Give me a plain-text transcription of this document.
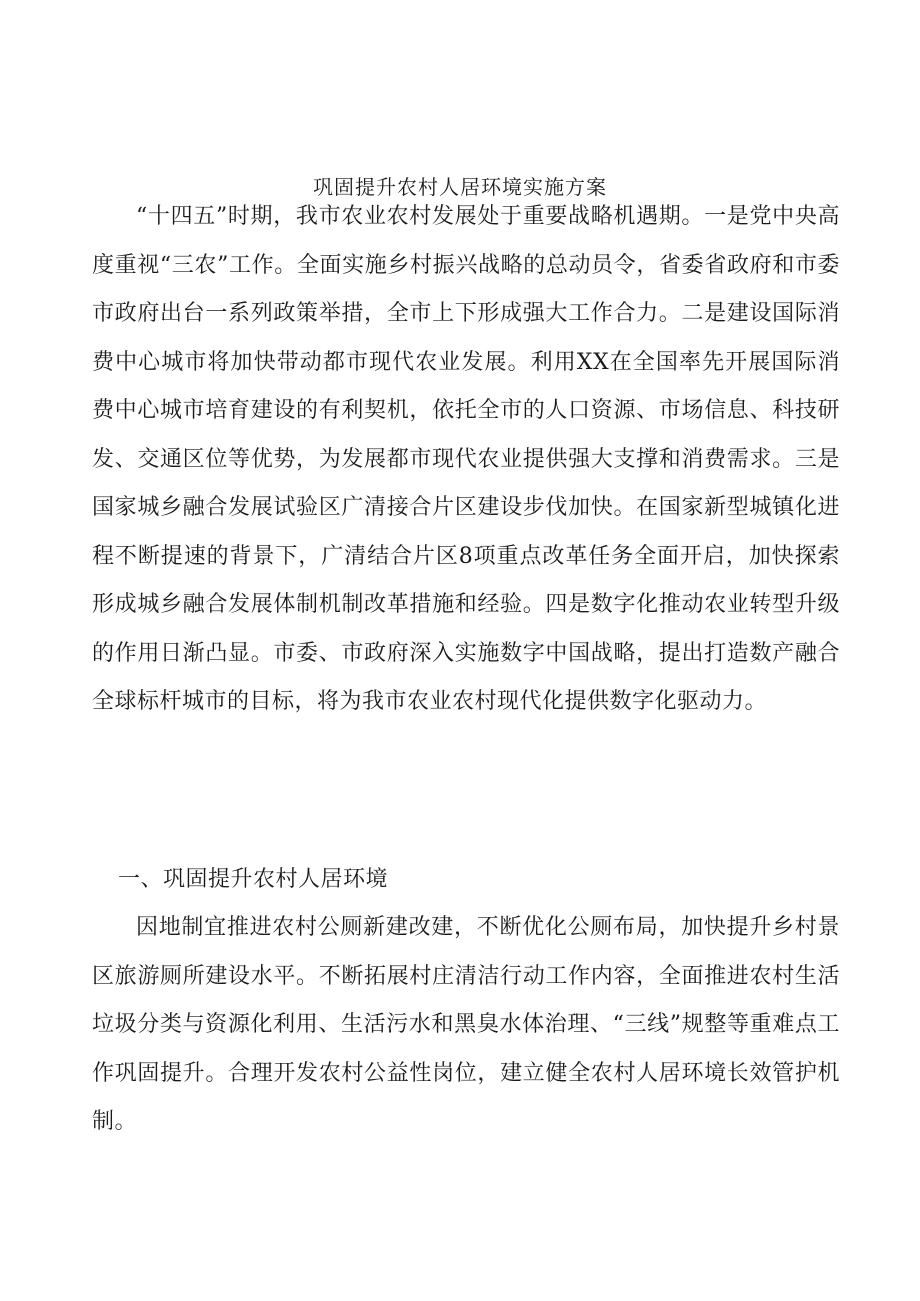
巩固提升农村人居环境实施方案

“十四五”时期，我市农业农村发展处于重要战略机遇期。一是党中央高度重视“三农”工作。全面实施乡村振兴战略的总动员令，省委省政府和市委市政府出台一系列政策举措，全市上下形成强大工作合力。二是建设国际消费中心城市将加快带动都市现代农业发展。利用XX在全国率先开展国际消费中心城市培育建设的有利契机，依托全市的人口资源、市场信息、科技研发、交通区位等优势，为发展都市现代农业提供强大支撑和消费需求。三是国家城乡融合发展试验区广清接合片区建设步伐加快。在国家新型城镇化进程不断提速的背景下，广清结合片区8项重点改革任务全面开启，加快探索形成城乡融合发展体制机制改革措施和经验。四是数字化推动农业转型升级的作用日渐凸显。市委、市政府深入实施数字中国战略，提出打造数产融合全球标杆城市的目标，将为我市农业农村现代化提供数字化驱动力。

一、巩固提升农村人居环境

因地制宜推进农村公厕新建改建，不断优化公厕布局，加快提升乡村景区旅游厕所建设水平。不断拓展村庄清洁行动工作内容，全面推进农村生活垃圾分类与资源化利用、生活污水和黑臭水体治理、“三线”规整等重难点工作巩固提升。合理开发农村公益性岗位，建立健全农村人居环境长效管护机制。
